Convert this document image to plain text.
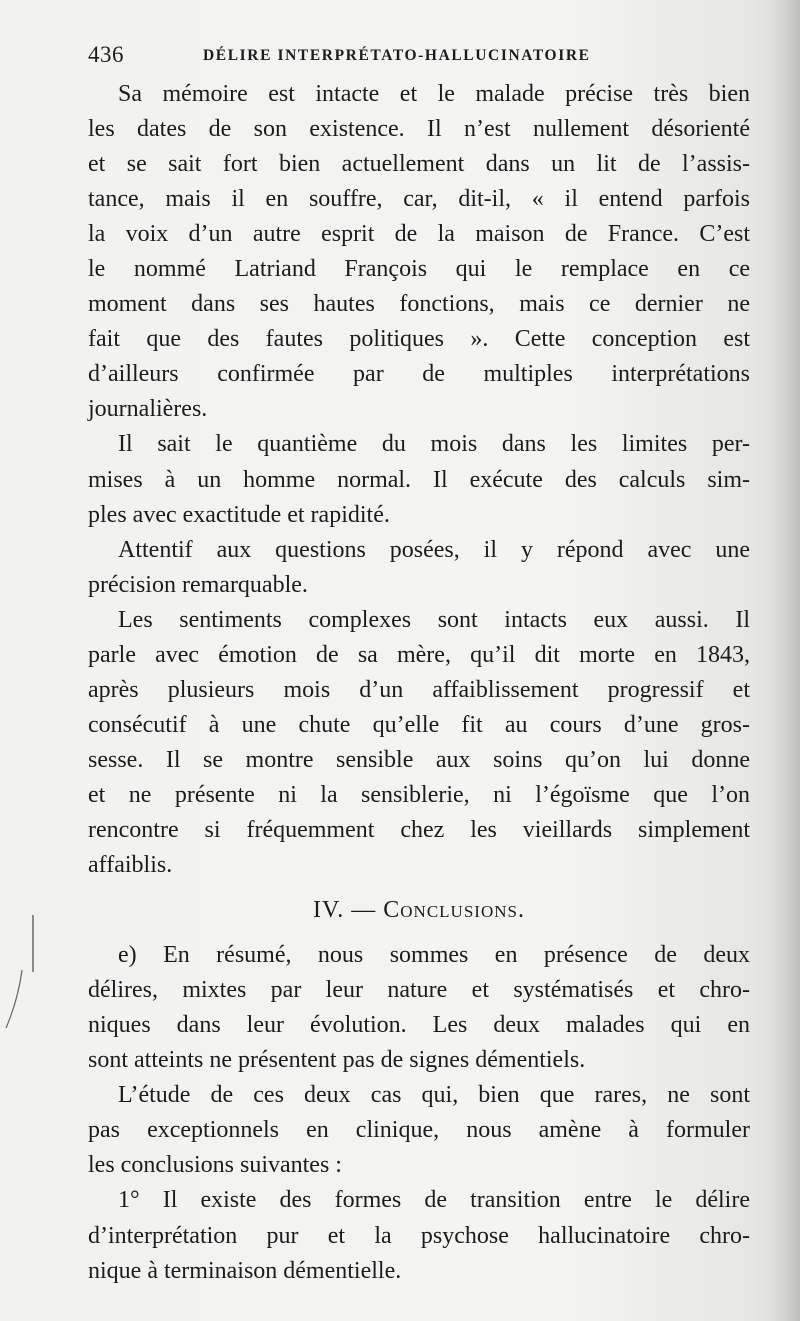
436	DÉLIRE INTERPRÉTATO-HALLUCINATOIRE
Sa mémoire est intacte et le malade précise très bien
les dates de son existence. Il n’est nullement désorienté
et se sait fort bien actuellement dans un lit de l’assis-
tance, mais il en souffre, car, dit-il, « il entend parfois
la voix d’un autre esprit de la maison de France. C’est
le nommé Latriand François qui le remplace en ce
moment dans ses hautes fonctions, mais ce dernier ne
fait que des fautes politiques ». Cette conception est
d’ailleurs confirmée par de multiples interprétations
journalières.
Il sait le quantième du mois dans les limites per-
mises à un homme normal. Il exécute des calculs sim-
ples avec exactitude et rapidité.
Attentif aux questions posées, il y répond avec une
précision remarquable.
Les sentiments complexes sont intacts eux aussi. Il
parle avec émotion de sa mère, qu’il dit morte en 1843,
après plusieurs mois d’un affaiblissement progressif et
consécutif à une chute qu’elle fit au cours d’une gros-
sesse. Il se montre sensible aux soins qu’on lui donne
et ne présente ni la sensiblerie, ni l’égoïsme que l’on
rencontre si fréquemment chez les vieillards simplement
affaiblis.
IV. — Conclusions.
e) En résumé, nous sommes en présence de deux
délires, mixtes par leur nature et systématisés et chro-
niques dans leur évolution. Les deux malades qui en
sont atteints ne présentent pas de signes démentiels.
L’étude de ces deux cas qui, bien que rares, ne sont
pas exceptionnels en clinique, nous amène à formuler
les conclusions suivantes :
1° Il existe des formes de transition entre le délire
d’interprétation pur et la psychose hallucinatoire chro-
nique à terminaison démentielle.
